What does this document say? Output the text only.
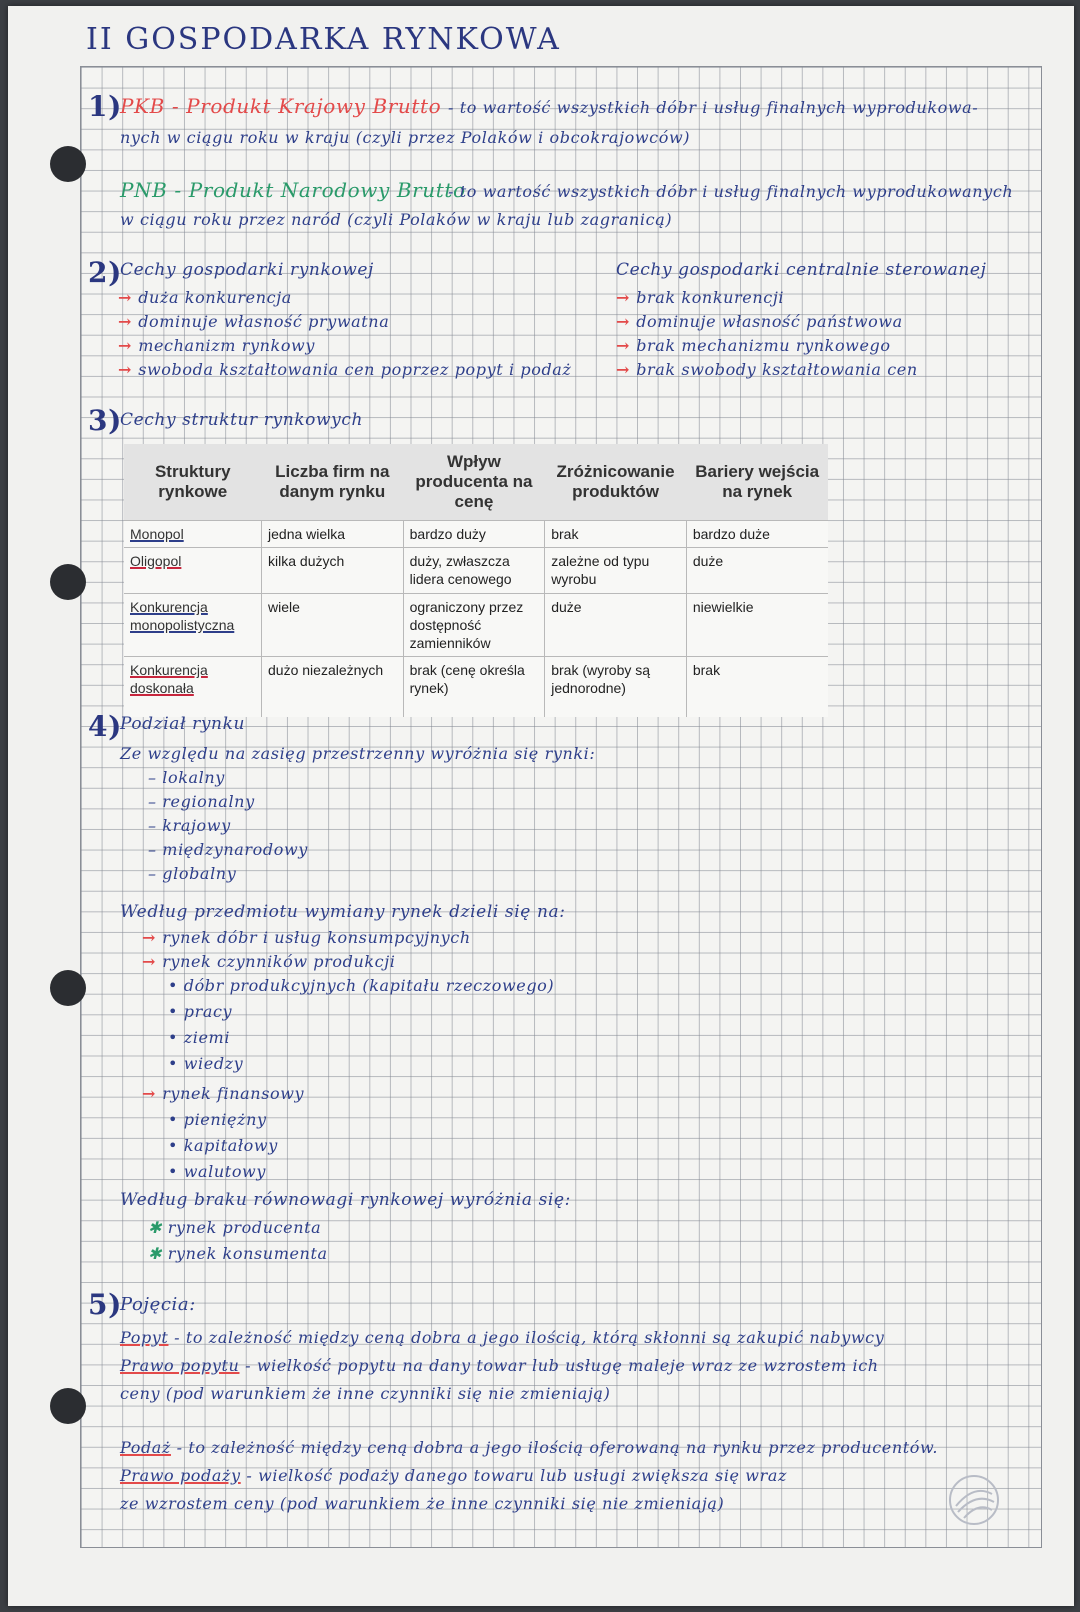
II GOSPODARKA RYNKOWA
1)
PKB - Produkt Krajowy Brutto - to wartość wszystkich dóbr i usług finalnych wyprodukowa-
nych w ciągu roku w kraju (czyli przez Polaków i obcokrajowców)
PNB - Produkt Narodowy Brutto
- to wartość wszystkich dóbr i usług finalnych wyprodukowanych
w ciągu roku przez naród (czyli Polaków w kraju lub zagranicą)
2)
Cechy gospodarki rynkowej
→ duża konkurencja
→ dominuje własność prywatna
→ mechanizm rynkowy
→ swoboda kształtowania cen poprzez popyt i podaż
Cechy gospodarki centralnie sterowanej
→ brak konkurencji
→ dominuje własność państwowa
→ brak mechanizmu rynkowego
→ brak swobody kształtowania cen
3)
Cechy struktur rynkowych
Struktury rynkowe	Liczba firm na danym rynku	Wpływ producenta na cenę	Zróżnicowanie produktów	Bariery wejścia na rynek
Monopol	jedna wielka	bardzo duży	brak	bardzo duże
Oligopol	kilka dużych	duży, zwłaszcza lidera cenowego	zależne od typu wyrobu	duże
Konkurencja monopolistyczna	wiele	ograniczony przez dostępność zamienników	duże	niewielkie
Konkurencja doskonała	dużo niezależnych	brak (cenę określa rynek)	brak (wyroby są jednorodne)	brak
4)
Podział rynku
Ze względu na zasięg przestrzenny wyróżnia się rynki:
– lokalny
– regionalny
– krajowy
– międzynarodowy
– globalny
Według przedmiotu wymiany rynek dzieli się na:
→ rynek dóbr i usług konsumpcyjnych
→ rynek czynników produkcji
• dóbr produkcyjnych (kapitału rzeczowego)
• pracy
• ziemi
• wiedzy
→ rynek finansowy
• pieniężny
• kapitałowy
• walutowy
Według braku równowagi rynkowej wyróżnia się:
✱ rynek producenta
✱ rynek konsumenta
5)
Pojęcia:
Popyt - to zależność między ceną dobra a jego ilością, którą skłonni są zakupić nabywcy
Prawo popytu - wielkość popytu na dany towar lub usługę maleje wraz ze wzrostem ich
ceny (pod warunkiem że inne czynniki się nie zmieniają)
Podaż - to zależność między ceną dobra a jego ilością oferowaną na rynku przez producentów.
Prawo podaży - wielkość podaży danego towaru lub usługi zwiększa się wraz
ze wzrostem ceny (pod warunkiem że inne czynniki się nie zmieniają)
